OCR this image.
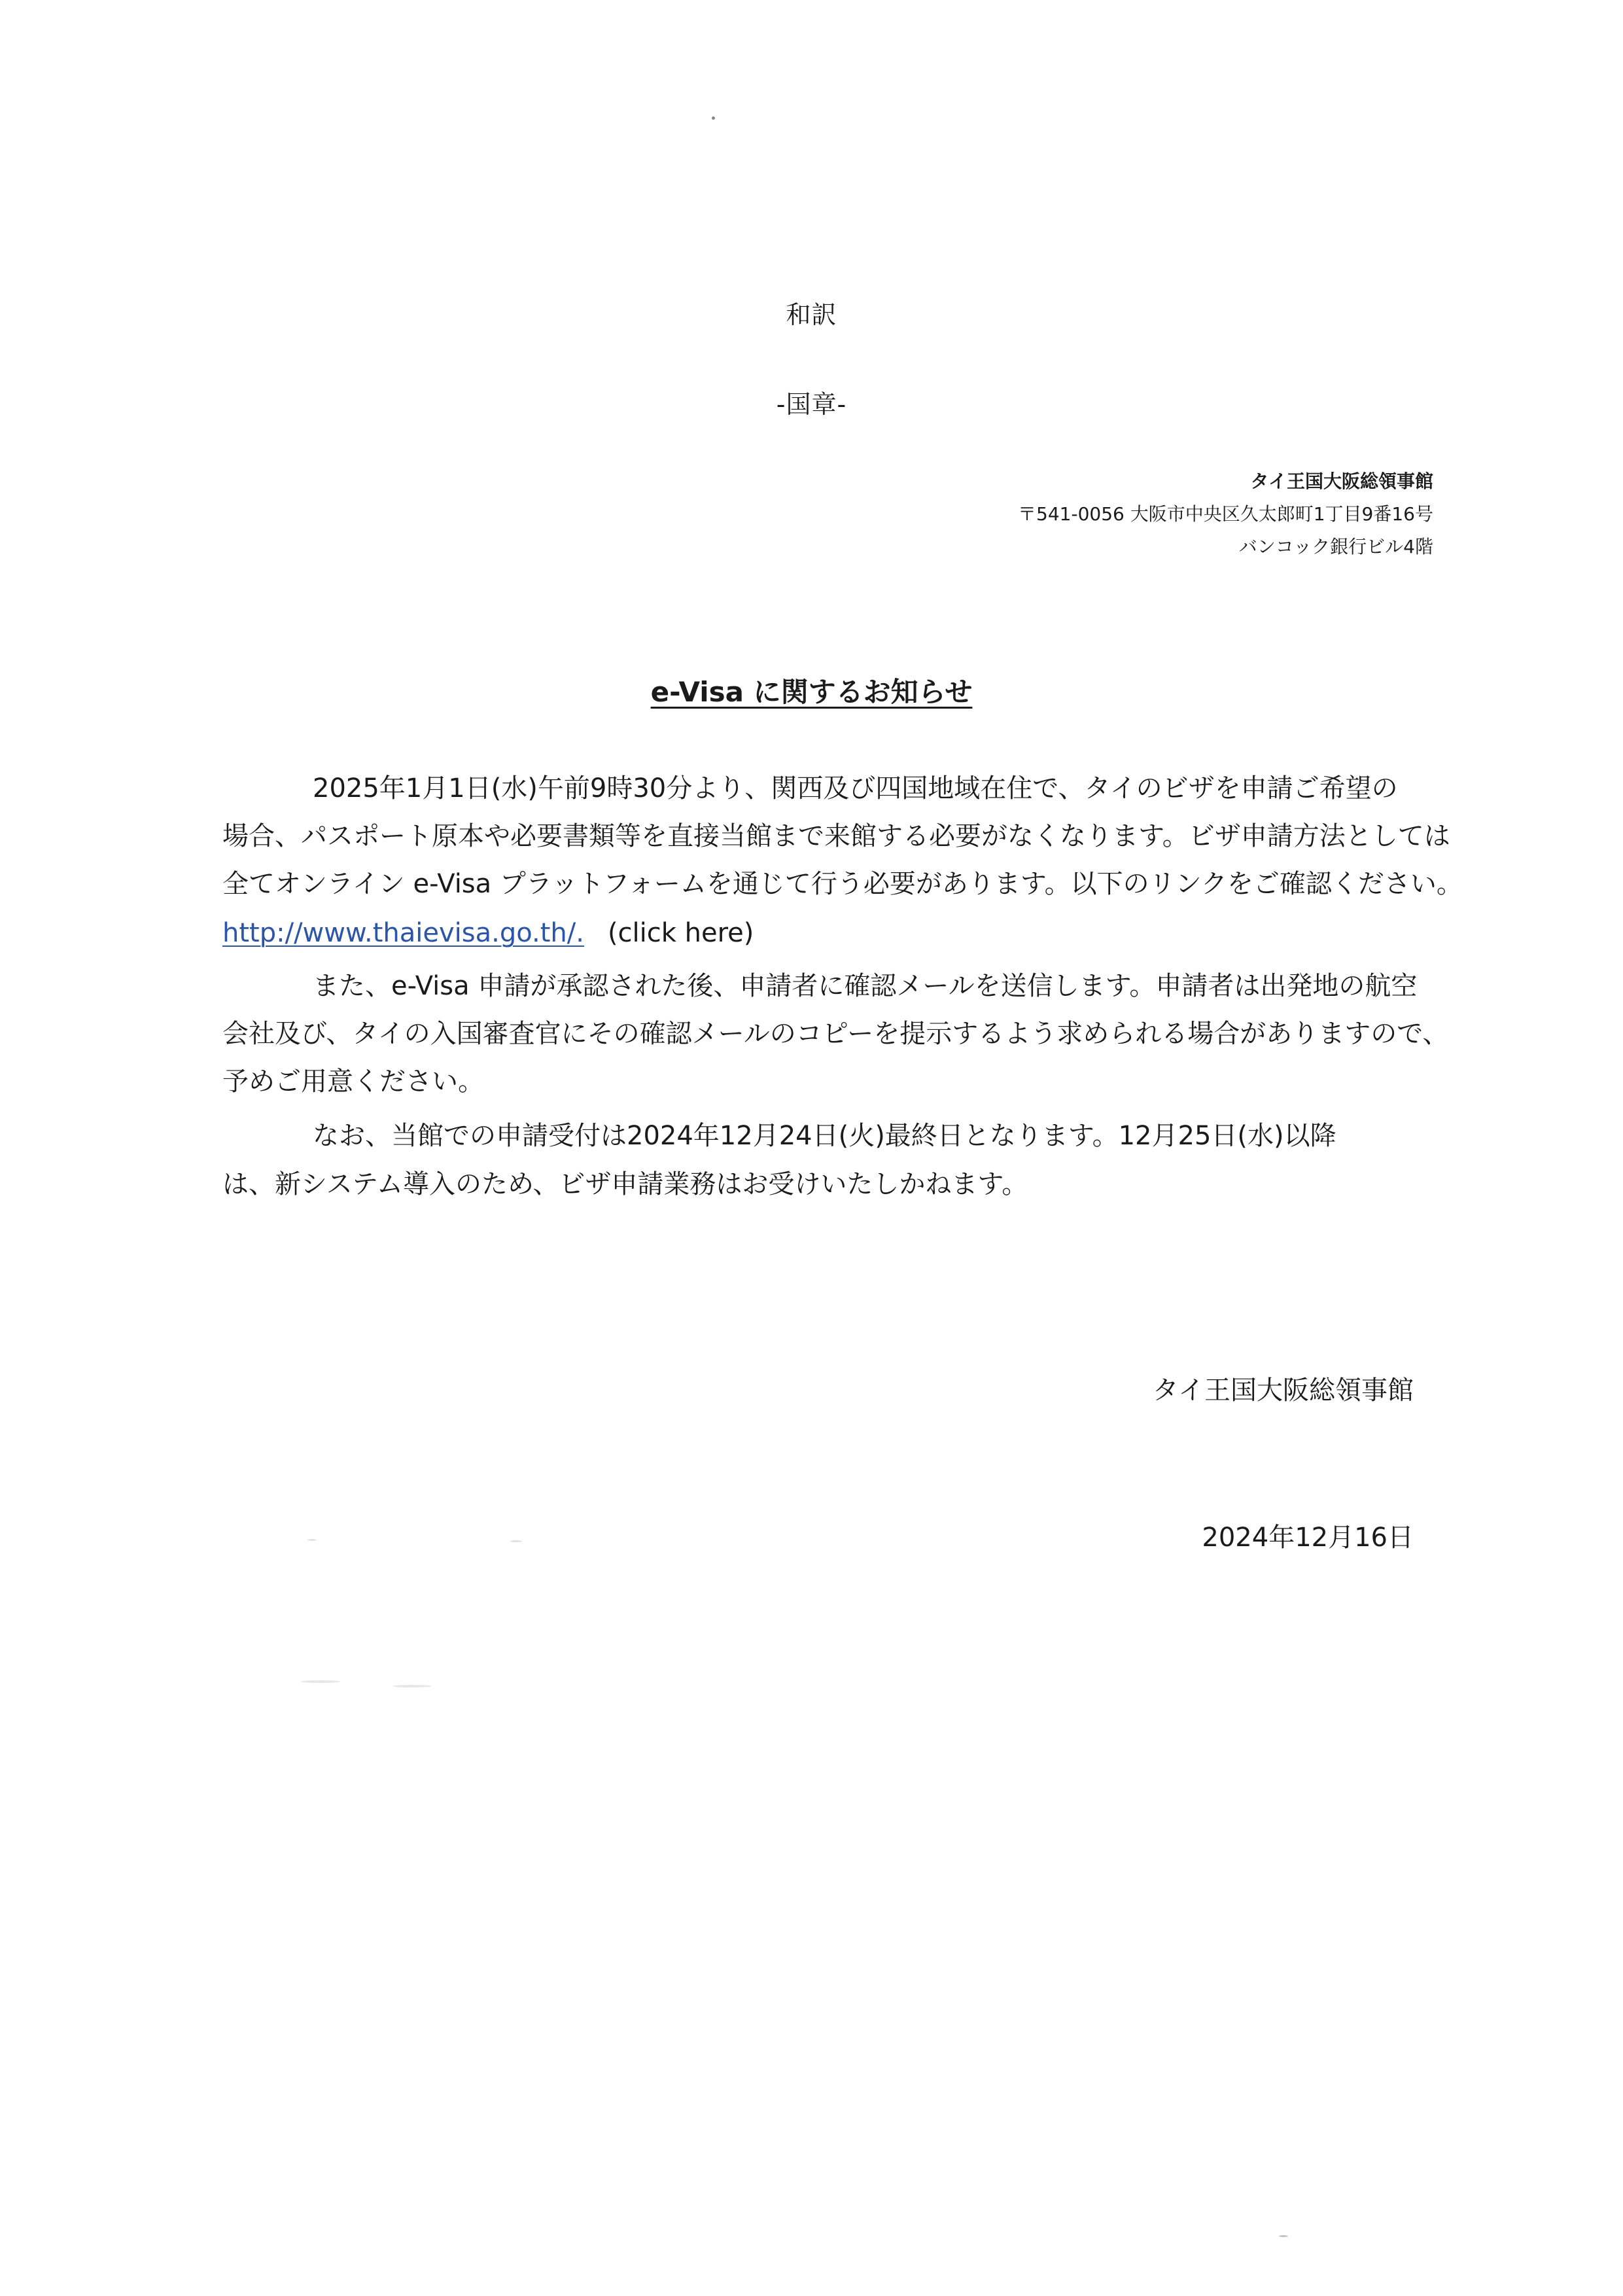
和訳
-国章-
タイ王国大阪総領事館
〒541-0056 大阪市中央区久太郎町1丁目9番16号
バンコック銀行ビル4階
e-Visa に関するお知らせ
2025年1月1日(水)午前9時30分より、関西及び四国地域在住で、タイのビザを申請ご希望の
場合、パスポート原本や必要書類等を直接当館まで来館する必要がなくなります。ビザ申請方法としては
全てオンライン e-Visa プラットフォームを通じて行う必要があります。以下のリンクをご確認ください。
http://www.thaievisa.go.th/. (click here)
また、e-Visa 申請が承認された後、申請者に確認メールを送信します。申請者は出発地の航空
会社及び、タイの入国審査官にその確認メールのコピーを提示するよう求められる場合がありますので、
予めご用意ください。
なお、当館での申請受付は2024年12月24日(火)最終日となります。12月25日(水)以降
は、新システム導入のため、ビザ申請業務はお受けいたしかねます。
タイ王国大阪総領事館
2024年12月16日
